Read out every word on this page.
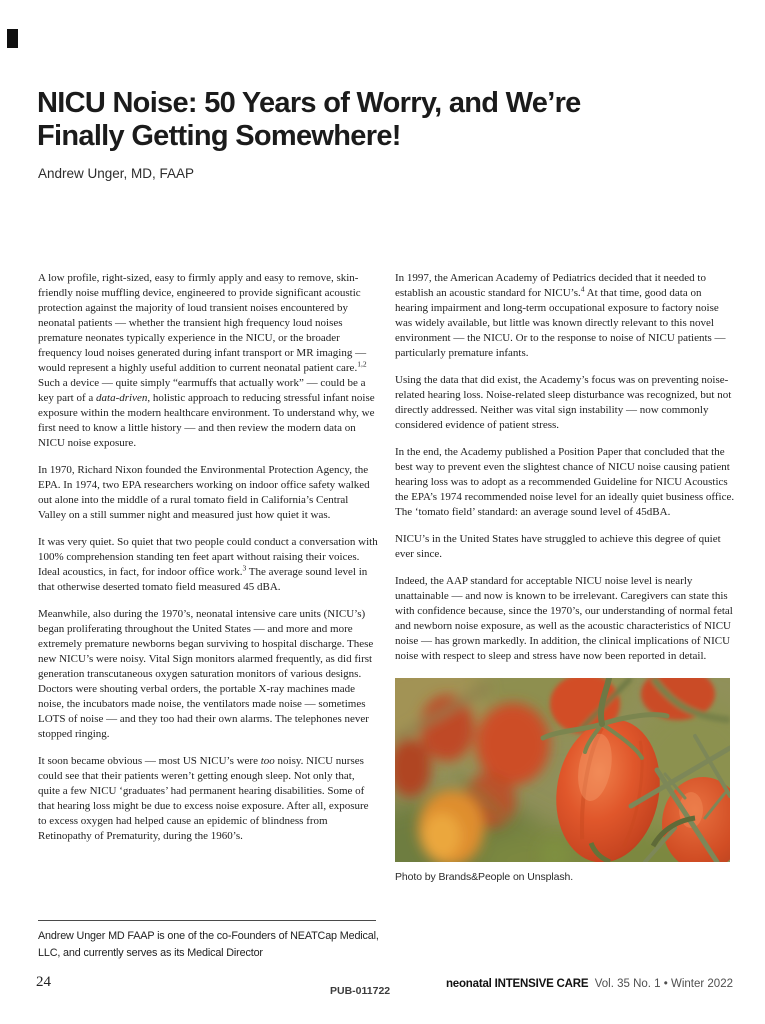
NICU Noise: 50 Years of Worry, and We’re
Finally Getting Somewhere!
Andrew Unger, MD, FAAP

A low profile, right-sized, easy to firmly apply and easy to remove, skin-friendly noise muffling device, engineered to provide significant acoustic protection against the majority of loud transient noises encountered by neonatal patients — whether the transient high frequency loud noises premature neonates typically experience in the NICU, or the broader frequency loud noises generated during infant transport or MR imaging — would represent a highly useful addition to current neonatal patient care.$^{1,2}$ Such a device — quite simply “earmuffs that actually work” — could be a key part of a data-driven, holistic approach to reducing stressful infant noise exposure within the modern healthcare environment. To understand why, we first need to know a little history — and then review the modern data on NICU noise exposure.

In 1970, Richard Nixon founded the Environmental Protection Agency, the EPA. In 1974, two EPA researchers working on indoor office safety walked out alone into the middle of a rural tomato field in California’s Central Valley on a still summer night and measured just how quiet it was.

It was very quiet. So quiet that two people could conduct a conversation with 100% comprehension standing ten feet apart without raising their voices. Ideal acoustics, in fact, for indoor office work.$^3$ The average sound level in that otherwise deserted tomato field measured 45 dBA.

Meanwhile, also during the 1970’s, neonatal intensive care units (NICU’s) began proliferating throughout the United States — and more and more extremely premature newborns began surviving to hospital discharge. These new NICU’s were noisy. Vital Sign monitors alarmed frequently, as did first generation transcutaneous oxygen saturation monitors of various designs. Doctors were shouting verbal orders, the portable X-ray machines made noise, the incubators made noise, the ventilators made noise — sometimes LOTS of noise — and they too had their own alarms. The telephones never stopped ringing.

It soon became obvious — most US NICU’s were too noisy. NICU nurses could see that their patients weren’t getting enough sleep. Not only that, quite a few NICU ‘graduates’ had permanent hearing disabilities. Some of that hearing loss might be due to excess noise exposure. After all, exposure to excess oxygen had helped cause an epidemic of blindness from Retinopathy of Prematurity, during the 1960’s.

In 1997, the American Academy of Pediatrics decided that it needed to establish an acoustic standard for NICU’s.$^4$ At that time, good data on hearing impairment and long-term occupational exposure to factory noise was widely available, but little was known directly relevant to this novel environment — the NICU. Or to the response to noise of NICU patients — particularly premature infants.

Using the data that did exist, the Academy’s focus was on preventing noise-related hearing loss. Noise-related sleep disturbance was recognized, but not directly addressed. Neither was vital sign instability — now commonly considered evidence of patient stress.

In the end, the Academy published a Position Paper that concluded that the best way to prevent even the slightest chance of NICU noise causing patient hearing loss was to adopt as a recommended Guideline for NICU Acoustics the EPA’s 1974 recommended noise level for an ideally quiet business office. The ‘tomato field’ standard: an average sound level of 45dBA.

NICU’s in the United States have struggled to achieve this degree of quiet ever since.

Indeed, the AAP standard for acceptable NICU noise level is nearly unattainable — and now is known to be irrelevant. Caregivers can state this with confidence because, since the 1970’s, our understanding of normal fetal and newborn noise exposure, as well as the acoustic characteristics of NICU noise — has grown markedly. In addition, the clinical implications of NICU noise with respect to sleep and stress have now been reported in detail.

Photo by Brands&People on Unsplash.
Andrew Unger MD FAAP is one of the co-Founders of NEATCap Medical,
LLC, and currently serves as its Medical Director
24
PUB-011722
neonatal INTENSIVE CARE Vol. 35 No. 1 • Winter 2022
